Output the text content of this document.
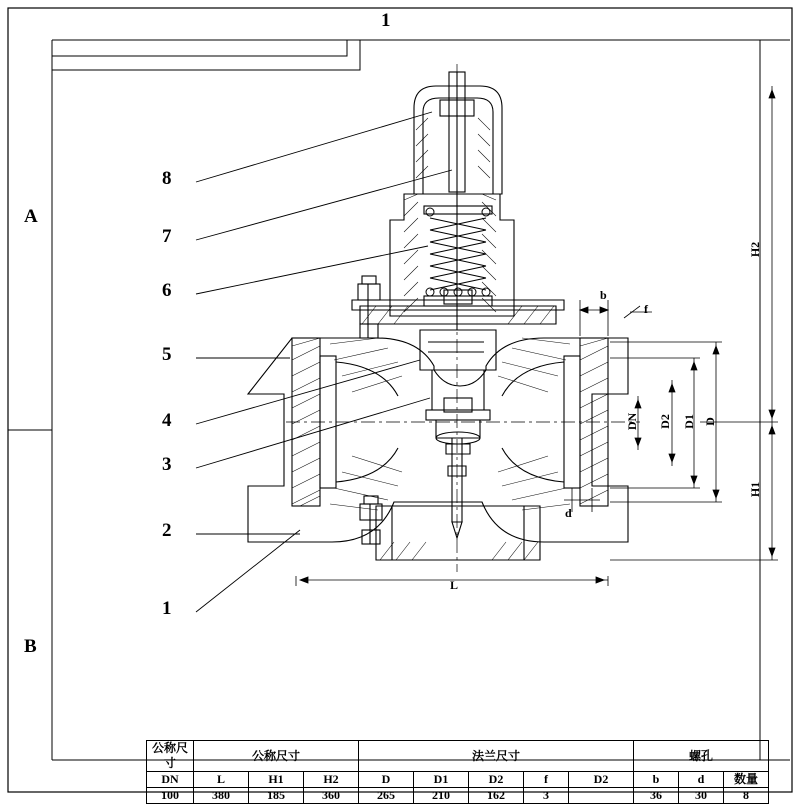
1
A
B
8
7
6
5
4
3
2
1
H2
H1
DN D2 D1 D
b
f
d
L
公称尺寸	公称尺寸			法兰尺寸					螺孔		
DN	L	H1	H2	D	D1	D2	f	D2	b	d	数量
100	380	185	360	265	210	162	3		36	30	8
